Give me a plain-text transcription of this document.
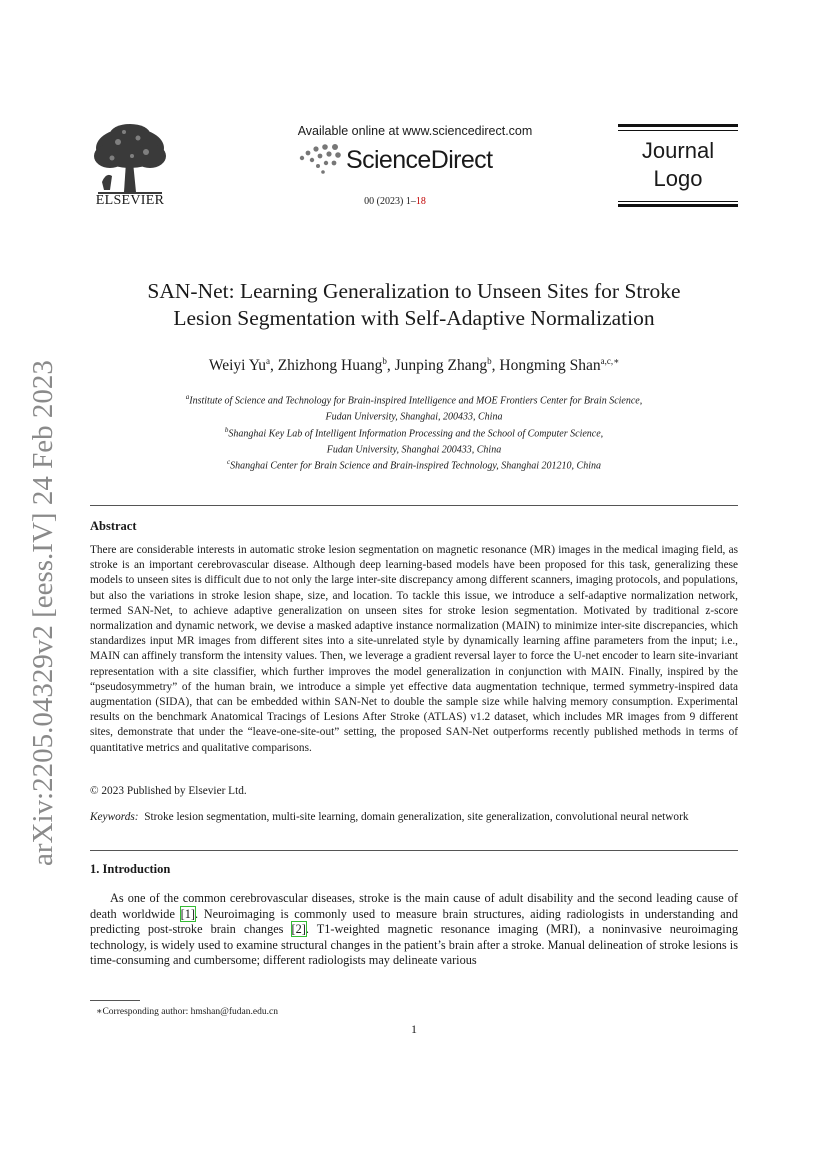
arXiv:2205.04329v2 [eess.IV] 24 Feb 2023
ELSEVIER
Available online at www.sciencedirect.com
ScienceDirect
00 (2023) 1–18
Journal
Logo
SAN-Net: Learning Generalization to Unseen Sites for Stroke
Lesion Segmentation with Self-Adaptive Normalization
Weiyi Yu$^a$, Zhizhong Huang$^b$, Junping Zhang$^b$, Hongming Shan$^{a,c,∗}$
$^a$Institute of Science and Technology for Brain-inspired Intelligence and MOE Frontiers Center for Brain Science,
Fudan University, Shanghai, 200433, China
$^b$Shanghai Key Lab of Intelligent Information Processing and the School of Computer Science,
Fudan University, Shanghai 200433, China
$^c$Shanghai Center for Brain Science and Brain-inspired Technology, Shanghai 201210, China
Abstract
There are considerable interests in automatic stroke lesion segmentation on magnetic resonance (MR) images in the medical imaging field, as stroke is an important cerebrovascular disease. Although deep learning-based models have been proposed for this task, generalizing these models to unseen sites is difficult due to not only the large inter-site discrepancy among different scanners, imaging protocols, and populations, but also the variations in stroke lesion shape, size, and location. To tackle this issue, we introduce a self-adaptive normalization network, termed SAN-Net, to achieve adaptive generalization on unseen sites for stroke lesion segmentation. Motivated by traditional z-score normalization and dynamic network, we devise a masked adaptive instance normalization (MAIN) to minimize inter-site discrepancies, which standardizes input MR images from different sites into a site-unrelated style by dynamically learning affine parameters from the input; i.e., MAIN can affinely transform the intensity values. Then, we leverage a gradient reversal layer to force the U-net encoder to learn site-invariant representation with a site classifier, which further improves the model generalization in conjunction with MAIN. Finally, inspired by the “pseudosymmetry” of the human brain, we introduce a simple yet effective data augmentation technique, termed symmetry-inspired data augmentation (SIDA), that can be embedded within SAN-Net to double the sample size while halving memory consumption. Experimental results on the benchmark Anatomical Tracings of Lesions After Stroke (ATLAS) v1.2 dataset, which includes MR images from 9 different sites, demonstrate that under the “leave-one-site-out” setting, the proposed SAN-Net outperforms recently published methods in terms of quantitative metrics and qualitative comparisons.
© 2023 Published by Elsevier Ltd.
Keywords: Stroke lesion segmentation, multi-site learning, domain generalization, site generalization, convolutional neural network
1. Introduction

As one of the common cerebrovascular diseases, stroke is the main cause of adult disability and the second leading cause of death worldwide [1]. Neuroimaging is commonly used to measure brain structures, aiding radiologists in understanding and predicting post-stroke brain changes [2]. T1-weighted magnetic resonance imaging (MRI), a noninvasive neuroimaging technology, is widely used to examine structural changes in the patient’s brain after a stroke. Manual delineation of stroke lesions is time-consuming and cumbersome; different radiologists may delineate various

∗Corresponding author: hmshan@fudan.edu.cn
1
